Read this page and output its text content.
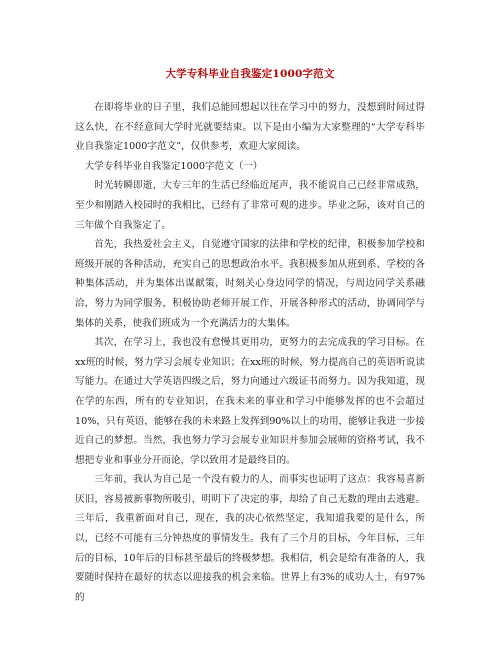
大学专科毕业自我鉴定1000字范文

在即将毕业的日子里，我们总能回想起以往在学习中的努力，没想到时间过得这么快，在不经意间大学时光就要结束。以下是由小编为大家整理的“大学专科毕业自我鉴定1000字范文”，仅供参考，欢迎大家阅读。

大学专科毕业自我鉴定1000字范文（一）

时光转瞬即逝，大专三年的生活已经临近尾声，我不能说自己已经非常成熟，至少和刚踏入校园时的我相比，已经有了非常可观的进步。毕业之际，该对自己的三年做个自我鉴定了。

首先，我热爱社会主义，自觉遵守国家的法律和学校的纪律，积极参加学校和班级开展的各种活动，充实自己的思想政治水平。我积极参加从班到系、学校的各种集体活动，并为集体出谋献策，时刻关心身边同学的情况，与周边同学关系融洽，努力为同学服务，积极协助老师开展工作，开展各种形式的活动，协调同学与集体的关系，使我们班成为一个充满活力的大集体。

其次，在学习上，我也没有怠慢其更用功，更努力的去完成我的学习目标。在xx班的时候，努力学习会展专业知识；在xx班的时候，努力提高自己的英语听说读写能力。在通过大学英语四级之后，努力向通过六级证书而努力。因为我知道，现在学的东西，所有的专业知识，在我未来的事业和学习中能够发挥的也不会超过10%，只有英语，能够在我的未来路上发挥到90%以上的功用，能够让我进一步接近自己的梦想。当然，我也努力学习会展专业知识并参加会展师的资格考试，我不想把专业和事业分开而论，学以致用才是最终目的。

三年前，我认为自己是一个没有毅力的人，而事实也证明了这点：我容易喜新厌旧，容易被新事物所吸引，明明下了决定的事，却给了自己无数的理由去逃避。三年后，我重新面对自己，现在，我的决心依然坚定，我知道我要的是什么，所以，已经不可能有三分钟热度的事情发生。我有了三个月的目标，今年目标，三年后的目标，10年后的目标甚至最后的终极梦想。我相信，机会是给有准备的人，我要随时保持在最好的状态以迎接我的机会来临。世界上有3%的成功人士，有97%的
